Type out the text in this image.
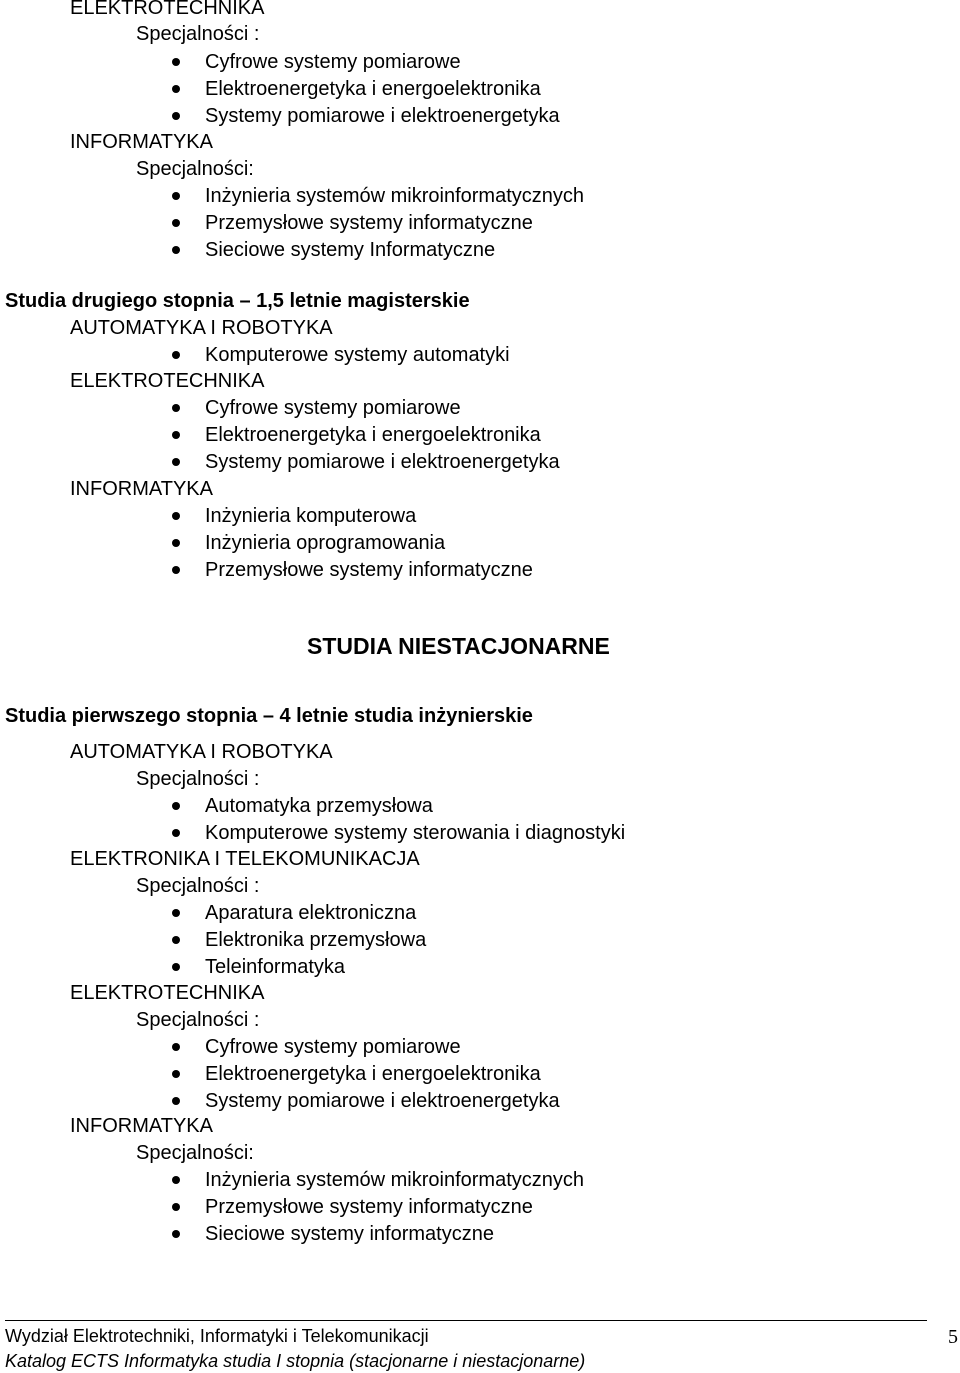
ELEKTROTECHNIKA
Specjalności :
Cyfrowe systemy pomiarowe
Elektroenergetyka i energoelektronika
Systemy pomiarowe i elektroenergetyka
INFORMATYKA
Specjalności:
Inżynieria systemów mikroinformatycznych
Przemysłowe systemy informatyczne
Sieciowe systemy Informatyczne
Studia drugiego stopnia – 1,5 letnie magisterskie
AUTOMATYKA I ROBOTYKA
Komputerowe systemy automatyki
ELEKTROTECHNIKA
Cyfrowe systemy pomiarowe
Elektroenergetyka i energoelektronika
Systemy pomiarowe i elektroenergetyka
INFORMATYKA
Inżynieria komputerowa
Inżynieria oprogramowania
Przemysłowe systemy informatyczne
STUDIA NIESTACJONARNE
Studia pierwszego stopnia – 4 letnie studia inżynierskie
AUTOMATYKA I ROBOTYKA
Specjalności :
Automatyka przemysłowa
Komputerowe systemy sterowania i diagnostyki
ELEKTRONIKA I TELEKOMUNIKACJA
Specjalności :
Aparatura elektroniczna
Elektronika przemysłowa
Teleinformatyka
ELEKTROTECHNIKA
Specjalności :
Cyfrowe systemy pomiarowe
Elektroenergetyka i energoelektronika
Systemy pomiarowe i elektroenergetyka
INFORMATYKA
Specjalności:
Inżynieria systemów mikroinformatycznych
Przemysłowe systemy informatyczne
Sieciowe systemy informatyczne
Wydział Elektrotechniki, Informatyki i Telekomunikacji
Katalog ECTS Informatyka studia I stopnia (stacjonarne i niestacjonarne)
5
